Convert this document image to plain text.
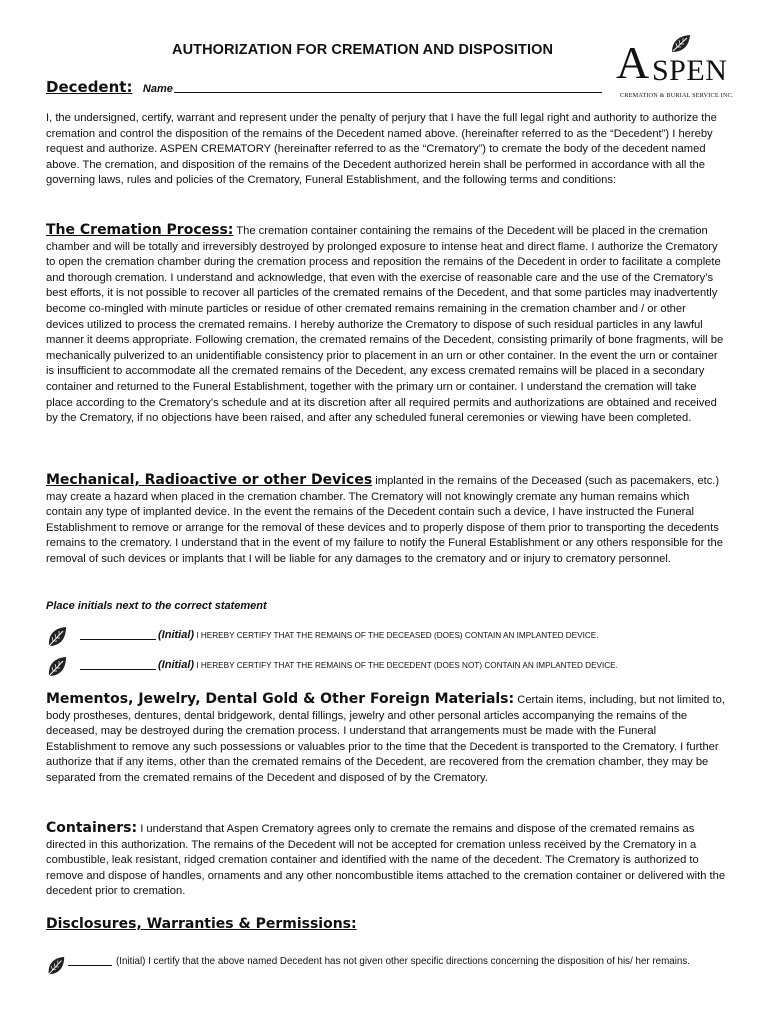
AUTHORIZATION FOR CREMATION AND DISPOSITION A SPEN
CREMATION & BURIAL SERVICE INC.
Decedent: Name
I, the undersigned, certify, warrant and represent under the penalty of perjury that I have the full legal right and authority to authorize the cremation and control the disposition of the remains of the Decedent named above. (hereinafter referred to as the “Decedent”) I hereby request and authorize. ASPEN CREMATORY (hereinafter referred to as the “Crematory”) to cremate the body of the decedent named above. The cremation, and disposition of the remains of the Decedent authorized herein shall be performed in accordance with all the governing laws, rules and policies of the Crematory, Funeral Establishment, and the following terms and conditions:
The Cremation Process: The cremation container containing the remains of the Decedent will be placed in the cremation chamber and will be totally and irreversibly destroyed by prolonged exposure to intense heat and direct flame. I authorize the Crematory to open the cremation chamber during the cremation process and reposition the remains of the Decedent in order to facilitate a complete and thorough cremation. I understand and acknowledge, that even with the exercise of reasonable care and the use of the Crematory’s best efforts, it is not possible to recover all particles of the cremated remains of the Decedent, and that some particles may inadvertently become co-mingled with minute particles or residue of other cremated remains remaining in the cremation chamber and / or other devices utilized to process the cremated remains. I hereby authorize the Crematory to dispose of such residual particles in any lawful manner it deems appropriate. Following cremation, the cremated remains of the Decedent, consisting primarily of bone fragments, will be mechanically pulverized to an unidentifiable consistency prior to placement in an urn or other container. In the event the urn or container is insufficient to accommodate all the cremated remains of the Decedent, any excess cremated remains will be placed in a secondary container and returned to the Funeral Establishment, together with the primary urn or container. I understand the cremation will take place according to the Crematory’s schedule and at its discretion after all required permits and authorizations are obtained and received by the Crematory, if no objections have been raised, and after any scheduled funeral ceremonies or viewing have been completed.
Mechanical, Radioactive or other Devices implanted in the remains of the Deceased (such as pacemakers, etc.) may create a hazard when placed in the cremation chamber. The Crematory will not knowingly cremate any human remains which contain any type of implanted device. In the event the remains of the Decedent contain such a device, I have instructed the Funeral Establishment to remove or arrange for the removal of these devices and to properly dispose of them prior to transporting the decedents remains to the crematory. I understand that in the event of my failure to notify the Funeral Establishment or any others responsible for the removal of such devices or implants that I will be liable for any damages to the crematory and or injury to crematory personnel.
Place initials next to the correct statement
(Initial) I HEREBY CERTIFY THAT THE REMAINS OF THE DECEASED (DOES) CONTAIN AN IMPLANTED DEVICE.
(Initial) I HEREBY CERTIFY THAT THE REMAINS OF THE DECEDENT (DOES NOT) CONTAIN AN IMPLANTED DEVICE.
Mementos, Jewelry, Dental Gold & Other Foreign Materials: Certain items, including, but not limited to, body prostheses, dentures, dental bridgework, dental fillings, jewelry and other personal articles accompanying the remains of the deceased, may be destroyed during the cremation process. I understand that arrangements must be made with the Funeral Establishment to remove any such possessions or valuables prior to the time that the Decedent is transported to the Crematory. I further authorize that if any items, other than the cremated remains of the Decedent, are recovered from the cremation chamber, they may be separated from the cremated remains of the Decedent and disposed of by the Crematory.
Containers: I understand that Aspen Crematory agrees only to cremate the remains and dispose of the cremated remains as directed in this authorization. The remains of the Decedent will not be accepted for cremation unless received by the Crematory in a combustible, leak resistant, ridged cremation container and identified with the name of the decedent. The Crematory is authorized to remove and dispose of handles, ornaments and any other noncombustible items attached to the cremation container or delivered with the decedent prior to cremation.
Disclosures, Warranties & Permissions:
(Initial) I certify that the above named Decedent has not given other specific directions concerning the disposition of his/ her remains.
